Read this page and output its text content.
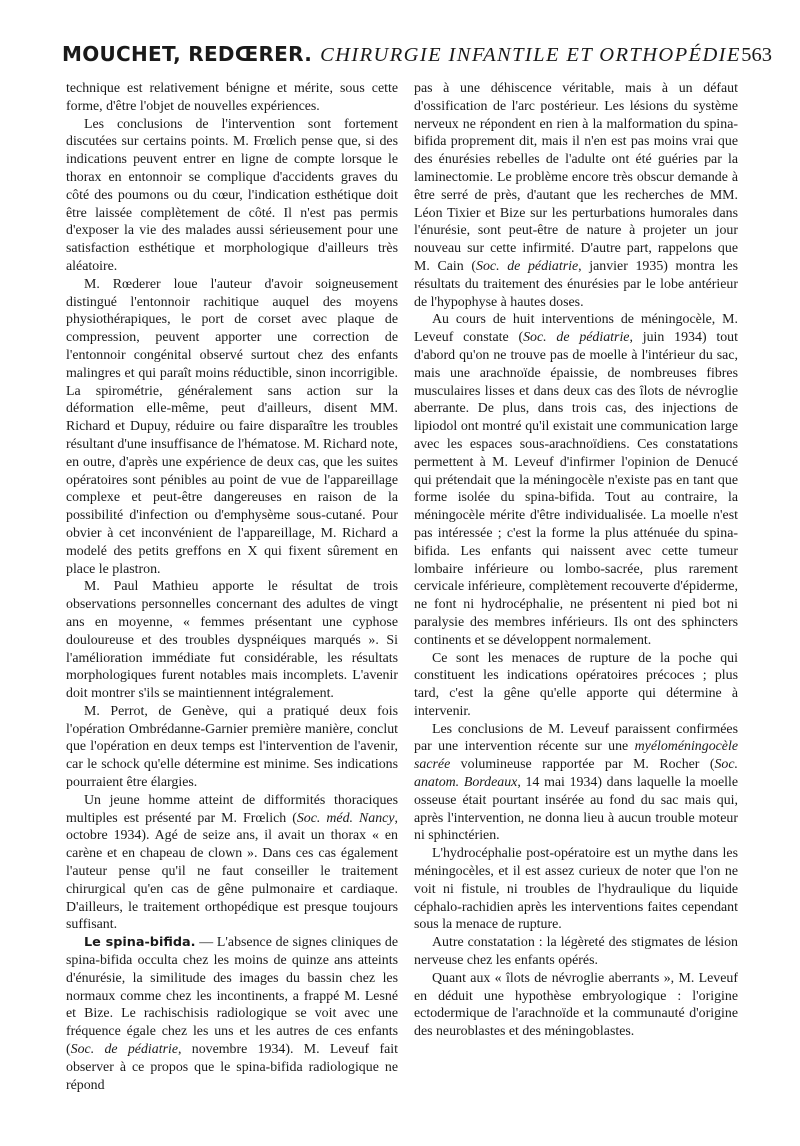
MOUCHET, REDŒRER. CHIRURGIE INFANTILE ET ORTHOPÉDIE 563

technique est relativement bénigne et mérite, sous cette forme, d'être l'objet de nouvelles expériences.

Les conclusions de l'intervention sont fortement discutées sur certains points. M. Frœlich pense que, si des indications peuvent entrer en ligne de compte lorsque le thorax en entonnoir se complique d'accidents graves du côté des poumons ou du cœur, l'indication esthétique doit être laissée complètement de côté. Il n'est pas permis d'exposer la vie des malades aussi sérieusement pour une satisfaction esthétique et morphologique d'ailleurs très aléatoire.

M. Rœderer loue l'auteur d'avoir soigneusement distingué l'entonnoir rachitique auquel des moyens physiothérapiques, le port de corset avec plaque de compression, peuvent apporter une correction de l'entonnoir congénital observé surtout chez des enfants malingres et qui paraît moins réductible, sinon incorrigible. La spirométrie, généralement sans action sur la déformation elle-même, peut d'ailleurs, disent MM. Richard et Dupuy, réduire ou faire disparaître les troubles résultant d'une insuffisance de l'hématose. M. Richard note, en outre, d'après une expérience de deux cas, que les suites opératoires sont pénibles au point de vue de l'appareillage complexe et peut-être dangereuses en raison de la possibilité d'infection ou d'emphysème sous-cutané. Pour obvier à cet inconvénient de l'appareillage, M. Richard a modelé des petits greffons en X qui fixent sûrement en place le plastron.

M. Paul Mathieu apporte le résultat de trois observations personnelles concernant des adultes de vingt ans en moyenne, « femmes présentant une cyphose douloureuse et des troubles dyspnéiques marqués ». Si l'amélioration immédiate fut considérable, les résultats morphologiques furent notables mais incomplets. L'avenir doit montrer s'ils se maintiennent intégralement.

M. Perrot, de Genève, qui a pratiqué deux fois l'opération Ombrédanne-Garnier première manière, conclut que l'opération en deux temps est l'intervention de l'avenir, car le schock qu'elle détermine est minime. Ses indications pourraient être élargies.

Un jeune homme atteint de difformités thoraciques multiples est présenté par M. Frœlich (Soc. méd. Nancy, octobre 1934). Agé de seize ans, il avait un thorax « en carène et en chapeau de clown ». Dans ces cas également l'auteur pense qu'il ne faut conseiller le traitement chirurgical qu'en cas de gêne pulmonaire et cardiaque. D'ailleurs, le traitement orthopédique est presque toujours suffisant.

Le spina-bifida. — L'absence de signes cliniques de spina-bifida occulta chez les moins de quinze ans atteints d'énurésie, la similitude des images du bassin chez les normaux comme chez les incontinents, a frappé M. Lesné et Bize. Le rachischisis radiologique se voit avec une fréquence égale chez les uns et les autres de ces enfants (Soc. de pédiatrie, novembre 1934). M. Leveuf fait observer à ce propos que le spina-bifida radiologique ne répond

pas à une déhiscence véritable, mais à un défaut d'ossification de l'arc postérieur. Les lésions du système nerveux ne répondent en rien à la malformation du spina-bifida proprement dit, mais il n'en est pas moins vrai que des énurésies rebelles de l'adulte ont été guéries par la laminectomie. Le problème encore très obscur demande à être serré de près, d'autant que les recherches de MM. Léon Tixier et Bize sur les perturbations humorales dans l'énurésie, sont peut-être de nature à projeter un jour nouveau sur cette infirmité. D'autre part, rappelons que M. Cain (Soc. de pédiatrie, janvier 1935) montra les résultats du traitement des énurésies par le lobe antérieur de l'hypophyse à hautes doses.

Au cours de huit interventions de méningocèle, M. Leveuf constate (Soc. de pédiatrie, juin 1934) tout d'abord qu'on ne trouve pas de moelle à l'intérieur du sac, mais une arachnoïde épaissie, de nombreuses fibres musculaires lisses et dans deux cas des îlots de névroglie aberrante. De plus, dans trois cas, des injections de lipiodol ont montré qu'il existait une communication large avec les espaces sous-arachnoïdiens. Ces constatations permettent à M. Leveuf d'infirmer l'opinion de Denucé qui prétendait que la méningocèle n'existe pas en tant que forme isolée du spina-bifida. Tout au contraire, la méningocèle mérite d'être individualisée. La moelle n'est pas intéressée ; c'est la forme la plus atténuée du spina-bifida. Les enfants qui naissent avec cette tumeur lombaire inférieure ou lombo-sacrée, plus rarement cervicale inférieure, complètement recouverte d'épiderme, ne font ni hydrocéphalie, ne présentent ni pied bot ni paralysie des membres inférieurs. Ils ont des sphincters continents et se développent normalement.

Ce sont les menaces de rupture de la poche qui constituent les indications opératoires précoces ; plus tard, c'est la gêne qu'elle apporte qui détermine à intervenir.

Les conclusions de M. Leveuf paraissent confirmées par une intervention récente sur une myéloméningocèle sacrée volumineuse rapportée par M. Rocher (Soc. anatom. Bordeaux, 14 mai 1934) dans laquelle la moelle osseuse était pourtant insérée au fond du sac mais qui, après l'intervention, ne donna lieu à aucun trouble moteur ni sphinctérien.

L'hydrocéphalie post-opératoire est un mythe dans les méningocèles, et il est assez curieux de noter que l'on ne voit ni fistule, ni troubles de l'hydraulique du liquide céphalo-rachidien après les interventions faites cependant sous la menace de rupture.

Autre constatation : la légèreté des stigmates de lésion nerveuse chez les enfants opérés.

Quant aux « îlots de névroglie aberrants », M. Leveuf en déduit une hypothèse embryologique : l'origine ectodermique de l'arachnoïde et la communauté d'origine des neuroblastes et des méningoblastes.
